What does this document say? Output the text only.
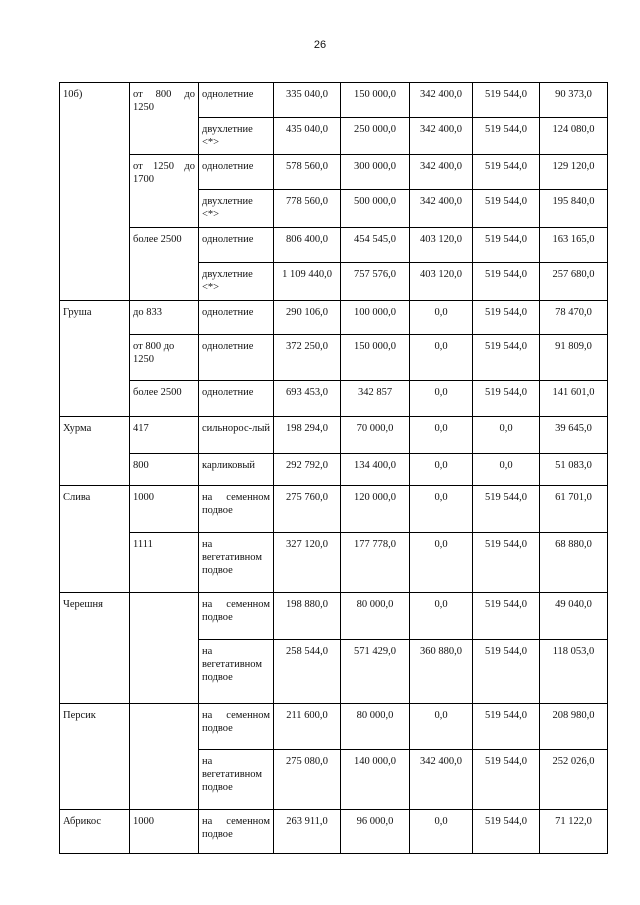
26
10б)	от 800 до 1250	однолетние	335 040,0	150 000,0	342 400,0	519 544,0	90 373,0
		двухлетние <*>	435 040,0	250 000,0	342 400,0	519 544,0	124 080,0
	от 1250 до 1700	однолетние	578 560,0	300 000,0	342 400,0	519 544,0	129 120,0
		двухлетние <*>	778 560,0	500 000,0	342 400,0	519 544,0	195 840,0
	более 2500	однолетние	806 400,0	454 545,0	403 120,0	519 544,0	163 165,0
		двухлетние <*>	1 109 440,0	757 576,0	403 120,0	519 544,0	257 680,0
Груша	до 833	однолетние	290 106,0	100 000,0	0,0	519 544,0	78 470,0
	от 800 до 1250	однолетние	372 250,0	150 000,0	0,0	519 544,0	91 809,0
	более 2500	однолетние	693 453,0	342 857	0,0	519 544,0	141 601,0
Хурма	417	сильнорос-лый	198 294,0	70 000,0	0,0	0,0	39 645,0
	800	карликовый	292 792,0	134 400,0	0,0	0,0	51 083,0
Слива	1000	на семенном подвое	275 760,0	120 000,0	0,0	519 544,0	61 701,0
	1111	на вегетативном подвое	327 120,0	177 778,0	0,0	519 544,0	68 880,0
Черешня		на семенном подвое	198 880,0	80 000,0	0,0	519 544,0	49 040,0
		на вегетативном подвое	258 544,0	571 429,0	360 880,0	519 544,0	118 053,0
Персик		на семенном подвое	211 600,0	80 000,0	0,0	519 544,0	208 980,0
		на вегетативном подвое	275 080,0	140 000,0	342 400,0	519 544,0	252 026,0
Абрикос	1000	на семенном подвое	263 911,0	96 000,0	0,0	519 544,0	71 122,0
